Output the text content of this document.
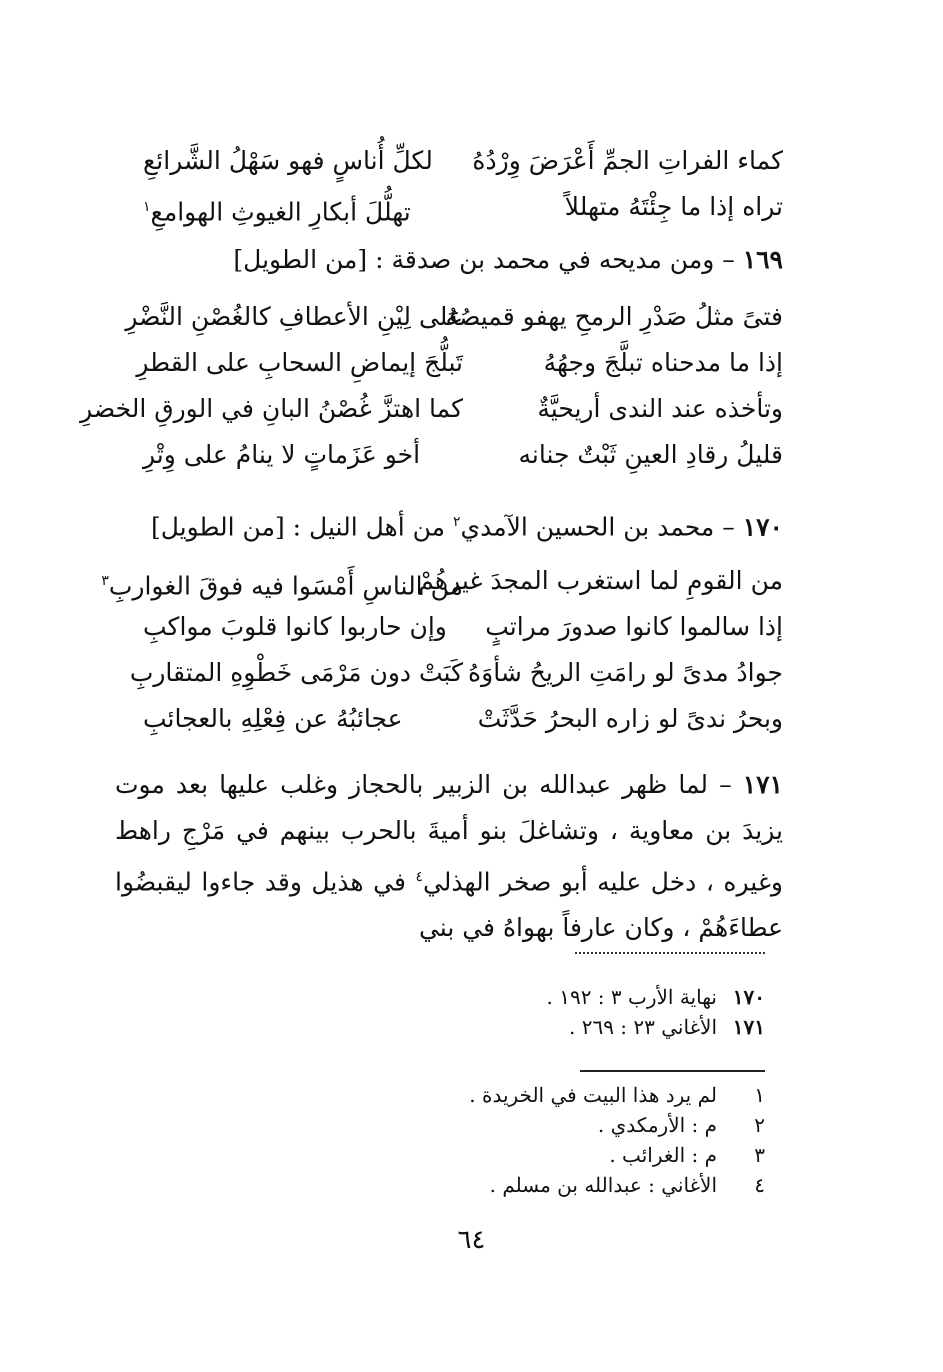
كماء الفراتِ الجمِّ أَعْرَضَ وِرْدُهُ
لكلِّ أُناسٍ فهو سَهْلُ الشَّرائعِ
تراه إذا ما جِئْتَهُ متهللاً
تهلُّلَ أبكارِ الغيوثِ الهوامعِ$^١$
١٦٩ – ومن مديحه في محمد بن صدقة : [من الطويل]
فتىً مثلُ صَدْرِ الرمحِ يهفو قميصُهُ
على لِيْنِ الأعطافِ كالغُصْنِ النَّضْرِ
إذا ما مدحناه تبلَّجَ وجهُهُ
تَبلُّجَ إيماضِ السحابِ على القطرِ
وتأخذه عند الندى أريحيَّةٌ
كما اهتزَّ غُصْنُ البانِ في الورقِ الخضرِ
قليلُ رقادِ العينِ ثَبْتٌ جنانه
أخو عَزَماتٍ لا ينامُ على وِتْرِ
١٧٠ – محمد بن الحسين الآمدي$^٢$ من أهل النيل : [من الطويل]
من القومِ لما استغرب المجدَ غيرهُمْ
من الناسِ أَمْسَوا فيه فوقَ الغواربِ$^٣$
إذا سالموا كانوا صدورَ مراتبٍ
وإن حاربوا كانوا قلوبَ مواكبِ
جوادُ مدىً لو رامَتِ الريحُ شأوَهُ
كَبَتْ دون مَرْمَى خَطْوِهِ المتقاربِ
وبحرُ ندىً لو زاره البحرُ حَدَّثَتْ
عجائبُهُ عن فِعْلِهِ بالعجائبِ
١٧١ – لما ظهر عبدالله بن الزبير بالحجاز وغلب عليها بعد موت يزيدَ بن معاوية ، وتشاغلَ بنو أميةَ بالحرب بينهم في مَرْجِ راهط وغيره ، دخل عليه أبو صخر الهذلي$^٤$ في هذيل وقد جاءوا ليقبضُوا عطاءَهُمْ ، وكان عارفاً بهواهُ في بني
١٧٠
نهاية الأرب ٣ : ١٩٢ .
١٧١
الأغاني ٢٣ : ٢٦٩ .
١
لم يرد هذا البيت في الخريدة .
٢
م : الأرمكدي .
٣
م : الغرائب .
٤
الأغاني : عبدالله بن مسلم .
٦٤
